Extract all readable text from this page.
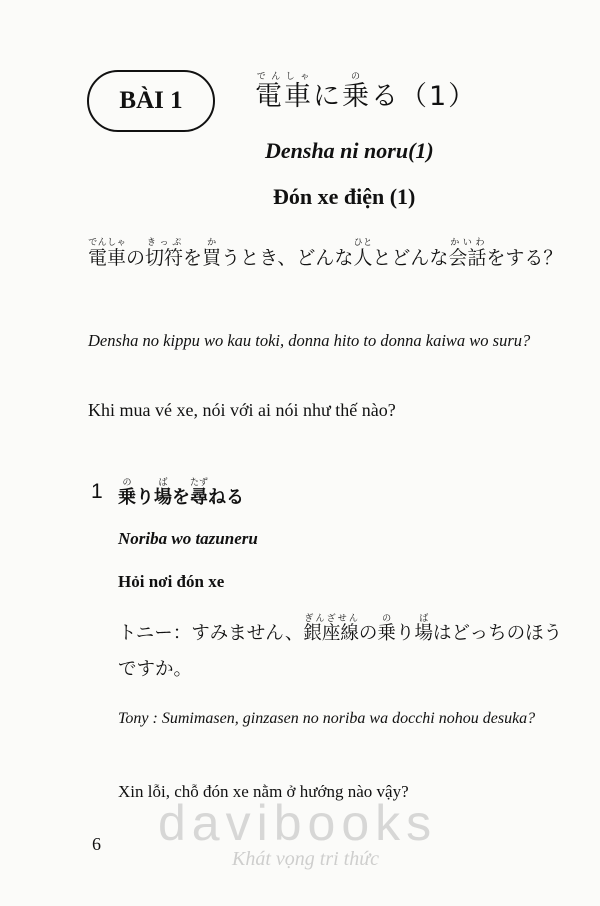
BÀI 1	電車でんしゃに乗のる（1）
Densha ni noru(1)
Đón xe điện (1)
電車でんしゃの切符きっぷを買かうとき、どんな人ひととどんな会話かいわをする？
Densha no kippu wo kau toki, donna hito to donna kaiwa wo suru?
Khi mua vé xe, nói với ai nói như thế nào?
1 乗のり場ばを尋たずねる
Noriba wo tazuneru
Hỏi nơi đón xe
トニー：すみません、銀座線ぎんざせんの乗のり場ばはどっちのほうですか。
Tony : Sumimasen, ginzasen no noriba wa docchi nohou desuka?
Xin lỗi, chỗ đón xe nằm ở hướng nào vậy?
6 davibooks
Khát vọng tri thức
